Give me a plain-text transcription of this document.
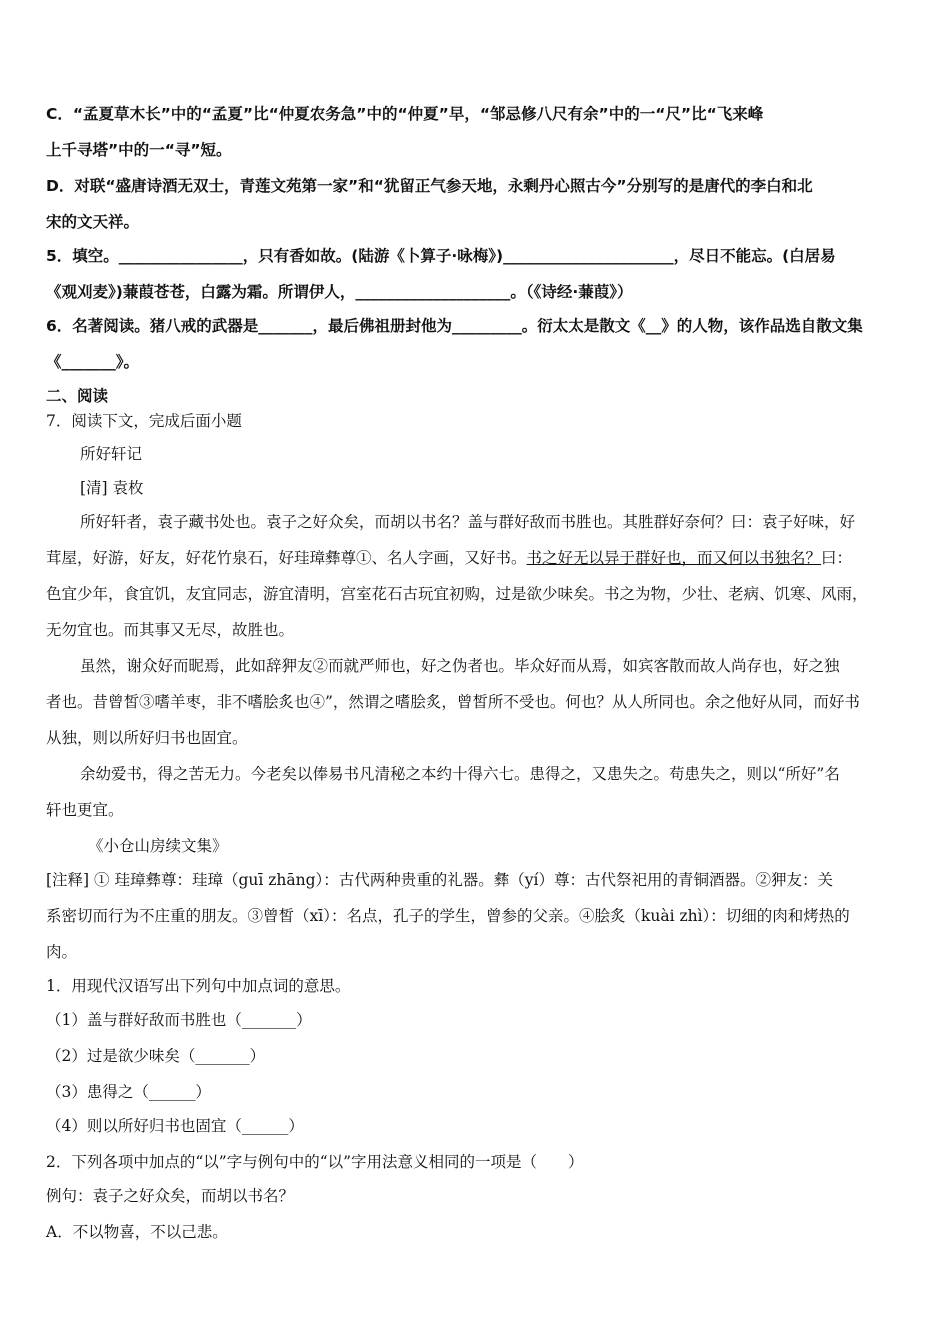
C．“孟夏草木长”中的“孟夏”比“仲夏农务急”中的“仲夏”早，“邹忌修八尺有余”中的一“尺”比“飞来峰
上千寻塔”中的一“寻”短。
D．对联“盛唐诗酒无双士，青莲文苑第一家”和“犹留正气参天地，永剩丹心照古今”分别写的是唐代的李白和北
宋的文天祥。
5．填空。________________，只有香如故。(陆游《卜算子·咏梅》)______________________，尽日不能忘。(白居易
《观刈麦》)蒹葭苍苍，白露为霜。所谓伊人，____________________。（《诗经·蒹葭》）
6．名著阅读。猪八戒的武器是_______，最后佛祖册封他为_________。衍太太是散文《__》的人物，该作品选自散文集
《_______》。
二、阅读
7．阅读下文，完成后面小题
所好轩记
[清] 袁枚
所好轩者，袁子藏书处也。袁子之好众矣，而胡以书名？盖与群好敌而书胜也。其胜群好奈何？曰：袁子好味，好
茸屋，好游，好友，好花竹泉石，好珪璋彝尊①、名人字画，又好书。书之好无以异于群好也，而又何以书独名？曰：
色宜少年，食宜饥，友宜同志，游宜清明，宫室花石古玩宜初购，过是欲少味矣。书之为物，少壮、老病、饥寒、风雨，
无勿宜也。而其事又无尽，故胜也。
虽然，谢众好而昵焉，此如辞狎友②而就严师也，好之伪者也。毕众好而从焉，如宾客散而故人尚存也，好之独
者也。昔曾皙③嗜羊枣，非不嗜脍炙也④”，然谓之嗜脍炙，曾皙所不受也。何也？从人所同也。余之他好从同，而好书
从独，则以所好归书也固宜。
余幼爱书，得之苦无力。今老矣以俸易书凡清秘之本约十得六七。患得之，又患失之。苟患失之，则以“所好”名
轩也更宜。
《小仓山房续文集》
[注释] ① 珪璋彝尊：珪璋（guī zhāng）：古代两种贵重的礼器。彝（yí）尊：古代祭祀用的青铜酒器。②狎友：关
系密切而行为不庄重的朋友。③曾皙（xī）：名点，孔子的学生，曾参的父亲。④脍炙（kuài zhì）：切细的肉和烤热的
肉。
1．用现代汉语写出下列句中加点词的意思。
（1）盖与群好敌而书胜也（_______）
（2）过是欲少味矣（_______）
（3）患得之（______）
（4）则以所好归书也固宜（______）
2．下列各项中加点的“以”字与例句中的“以”字用法意义相同的一项是（　　）
例句：袁子之好众矣，而胡以书名？
A．不以物喜，不以己悲。
